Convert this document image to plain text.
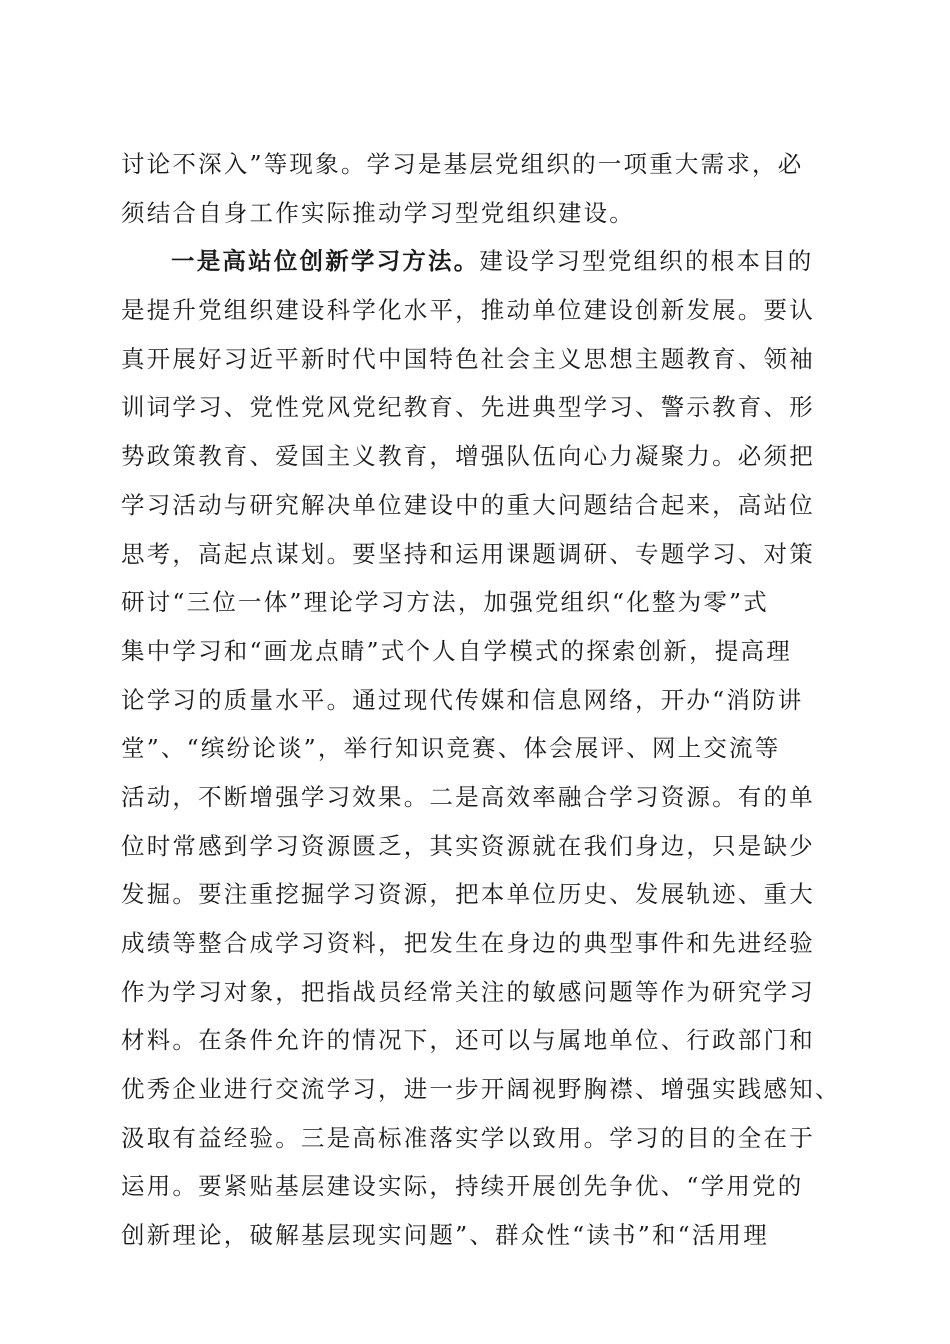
讨论不深入”等现象。学习是基层党组织的一项重大需求，必
须结合自身工作实际推动学习型党组织建设。
一是高站位创新学习方法。建设学习型党组织的根本目的
是提升党组织建设科学化水平，推动单位建设创新发展。要认
真开展好习近平新时代中国特色社会主义思想主题教育、领袖
训词学习、党性党风党纪教育、先进典型学习、警示教育、形
势政策教育、爱国主义教育，增强队伍向心力凝聚力。必须把
学习活动与研究解决单位建设中的重大问题结合起来，高站位
思考，高起点谋划。要坚持和运用课题调研、专题学习、对策
研讨“三位一体”理论学习方法，加强党组织“化整为零”式
集中学习和“画龙点睛”式个人自学模式的探索创新，提高理
论学习的质量水平。通过现代传媒和信息网络，开办“消防讲
堂”、“缤纷论谈”，举行知识竞赛、体会展评、网上交流等
活动，不断增强学习效果。二是高效率融合学习资源。有的单
位时常感到学习资源匮乏，其实资源就在我们身边，只是缺少
发掘。要注重挖掘学习资源，把本单位历史、发展轨迹、重大
成绩等整合成学习资料，把发生在身边的典型事件和先进经验
作为学习对象，把指战员经常关注的敏感问题等作为研究学习
材料。在条件允许的情况下，还可以与属地单位、行政部门和
优秀企业进行交流学习，进一步开阔视野胸襟、增强实践感知、
汲取有益经验。三是高标准落实学以致用。学习的目的全在于
运用。要紧贴基层建设实际，持续开展创先争优、“学用党的
创新理论，破解基层现实问题”、群众性“读书”和“活用理
